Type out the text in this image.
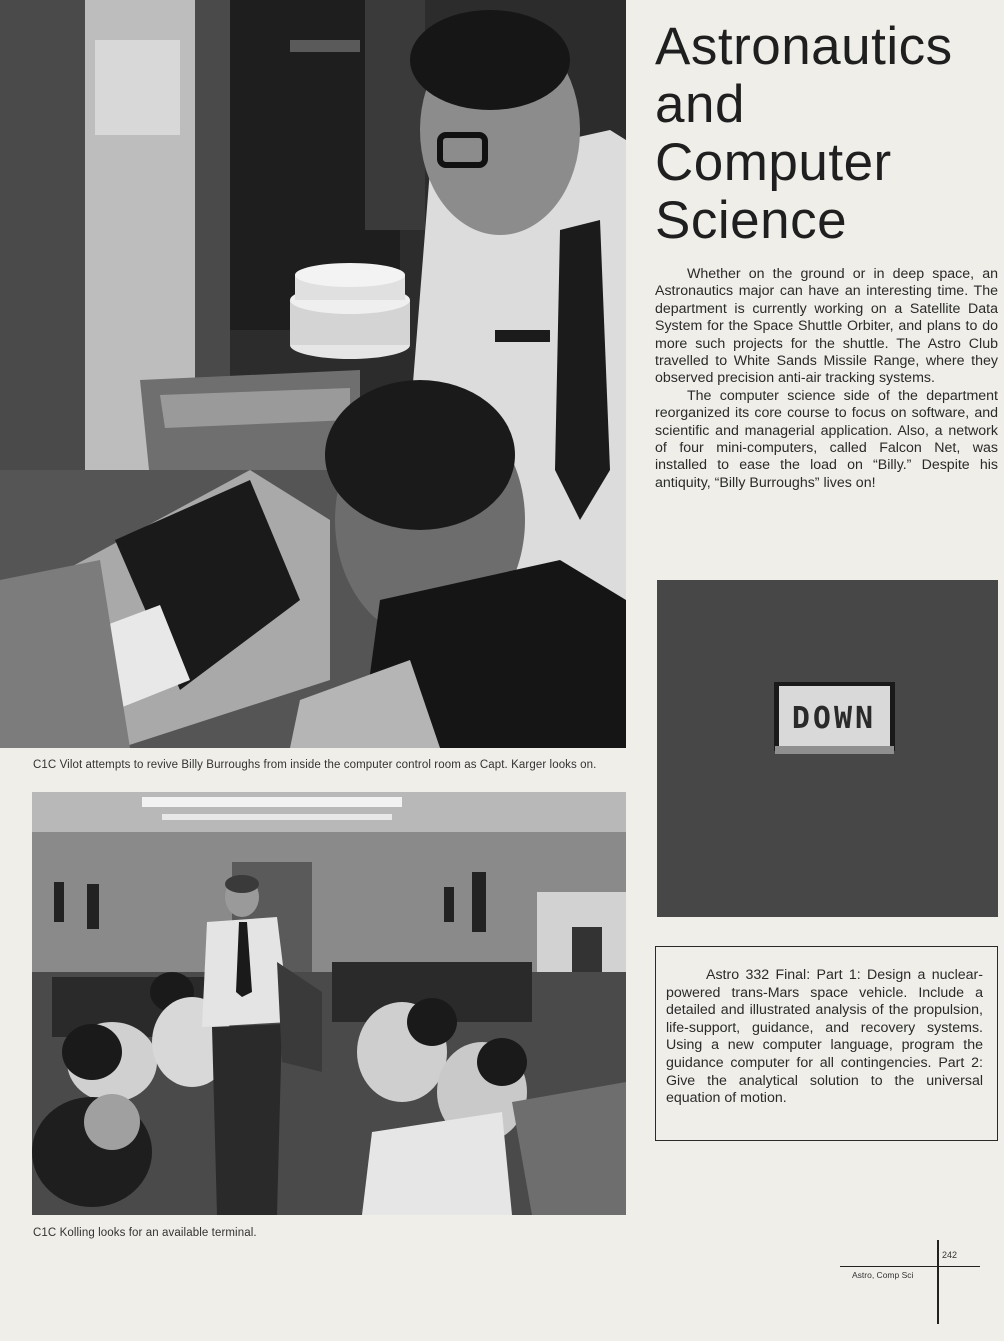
C1C Vilot attempts to revive Billy Burroughs from inside the computer control room as Capt. Karger looks on.
C1C Kolling looks for an available terminal.
Astronautics
and
Computer
Science

Whether on the ground or in deep space, an Astronautics major can have an interesting time. The department is currently working on a Satellite Data System for the Space Shuttle Orbiter, and plans to do more such projects for the shuttle. The Astro Club travelled to White Sands Missile Range, where they observed precision anti-air tracking systems.

The computer science side of the department reorganized its core course to focus on software, and scientific and managerial application. Also, a network of four mini-computers, called Falcon Net, was installed to ease the load on “Billy.” Despite his antiquity, “Billy Burroughs” lives on!

DOWN
KARGER

Astro 332 Final: Part 1: Design a nuclear-powered trans-Mars space vehicle. Include a detailed and illustrated analysis of the propulsion, life-support, guidance, and recovery systems. Using a new computer language, program the guidance computer for all contingencies. Part 2: Give the analytical solution to the universal equation of motion.

242
Astro, Comp Sci
